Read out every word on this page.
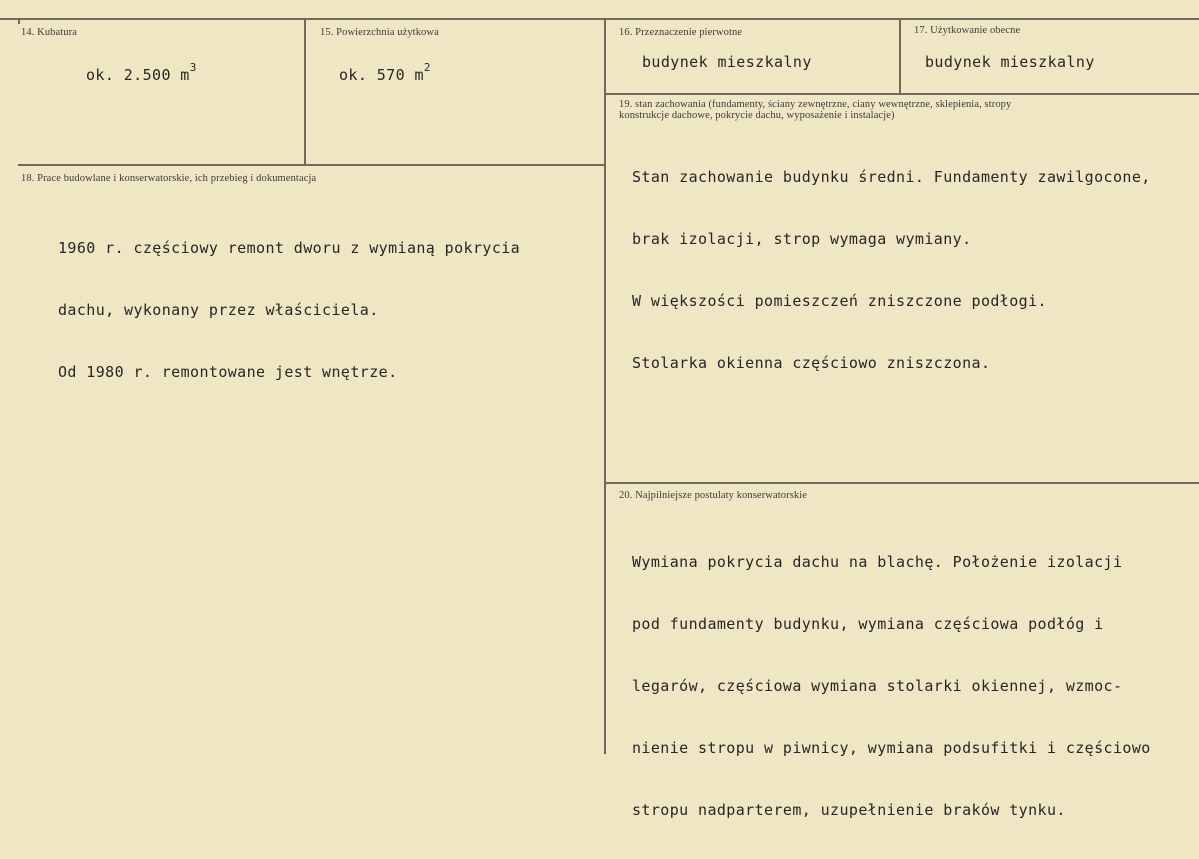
14. Kubatura
ok. 2.500 $m^3$
15. Powierzchnia użytkowa
ok. 570 $m^2$
16. Przeznaczenie pierwotne
budynek mieszkalny
17. Użytkowanie obecne
budynek mieszkalny
18. Prace budowlane i konserwatorskie, ich przebieg i dokumentacja

1960 r. częściowy remont dworu z wymianą pokrycia

dachu, wykonany przez właściciela.

Od 1980 r. remontowane jest wnętrze.

19. stan zachowania (fundamenty, ściany zewnętrzne, ciany wewnętrzne, sklepienia, stropy
konstrukcje dachowe, pokrycie dachu, wyposażenie i instalacje)

Stan zachowanie budynku średni. Fundamenty zawilgocone,

brak izolacji, strop wymaga wymiany.

W większości pomieszczeń zniszczone podłogi.

Stolarka okienna częściowo zniszczona.

20. Najpilniejsze postulaty konserwatorskie

Wymiana pokrycia dachu na blachę. Położenie izolacji

pod fundamenty budynku, wymiana częściowa podłóg i

legarów, częściowa wymiana stolarki okiennej, wzmoc-

nienie stropu w piwnicy, wymiana podsufitki i częściowo

stropu nadparterem, uzupełnienie braków tynku.
